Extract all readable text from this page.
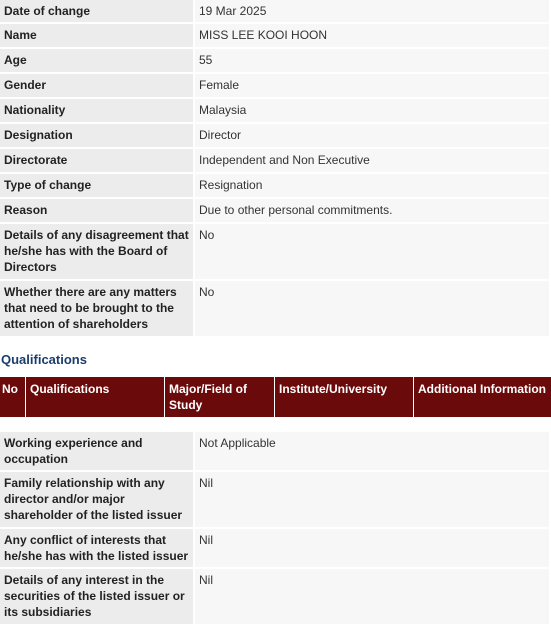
Date of change	19 Mar 2025
Name	MISS LEE KOOI HOON
Age	55
Gender	Female
Nationality	Malaysia
Designation	Director
Directorate	Independent and Non Executive
Type of change	Resignation
Reason	Due to other personal commitments.
Details of any disagreement that he/she has with the Board of Directors	No
Whether there are any matters that need to be brought to the attention of shareholders	No
Qualifications
No	Qualifications	Major/Field of Study	Institute/University	Additional Information
Working experience and occupation	Not Applicable
Family relationship with any director and/or major shareholder of the listed issuer	Nil
Any conflict of interests that he/she has with the listed issuer	Nil
Details of any interest in the securities of the listed issuer or its subsidiaries	Nil
